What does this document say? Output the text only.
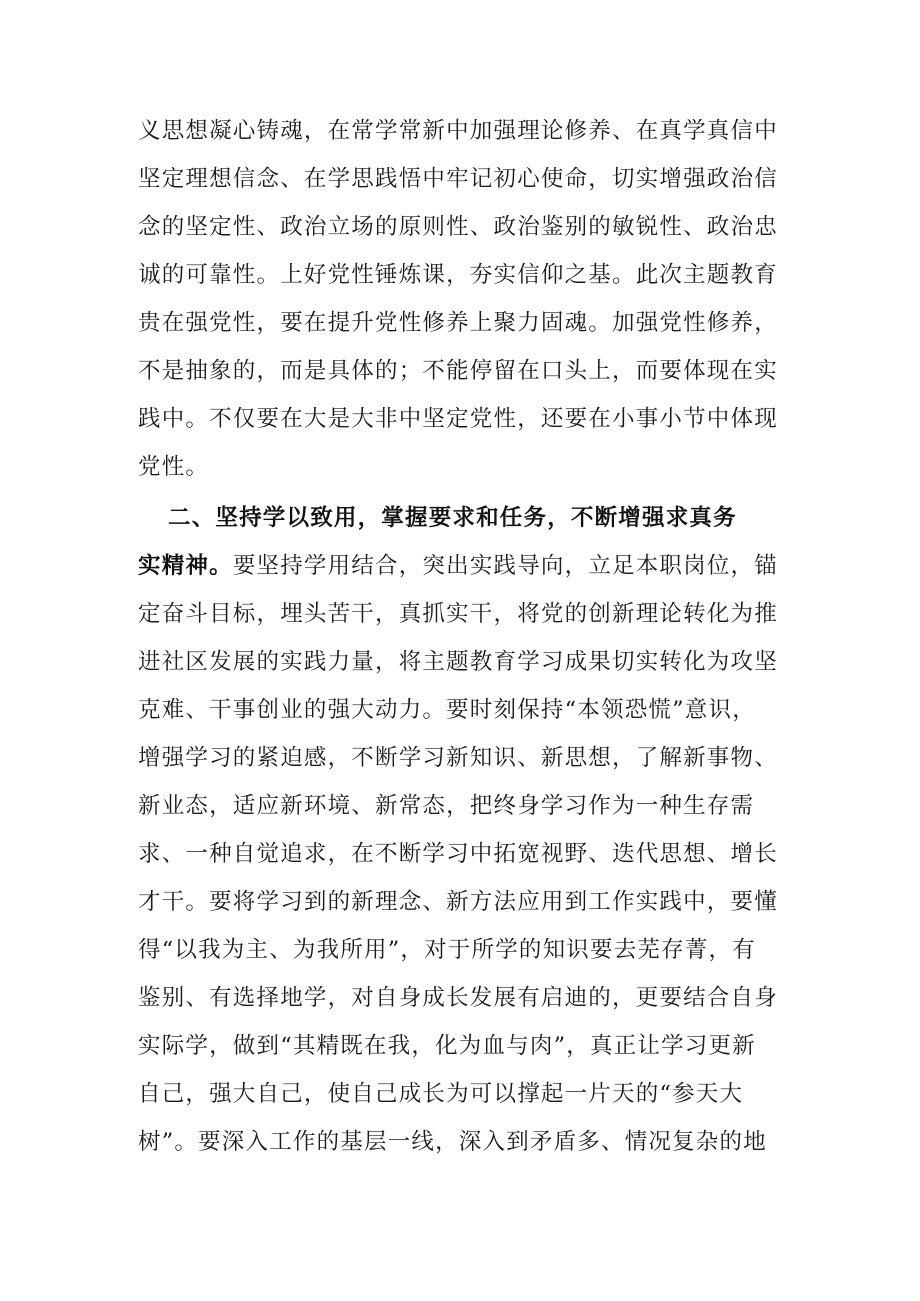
义思想凝心铸魂，在常学常新中加强理论修养、在真学真信中
坚定理想信念、在学思践悟中牢记初心使命，切实增强政治信
念的坚定性、政治立场的原则性、政治鉴别的敏锐性、政治忠
诚的可靠性。上好党性锤炼课，夯实信仰之基。此次主题教育
贵在强党性，要在提升党性修养上聚力固魂。加强党性修养，
不是抽象的，而是具体的；不能停留在口头上，而要体现在实
践中。不仅要在大是大非中坚定党性，还要在小事小节中体现
党性。
二、坚持学以致用，掌握要求和任务，不断增强求真务
实精神。要坚持学用结合，突出实践导向，立足本职岗位，锚
定奋斗目标，埋头苦干，真抓实干，将党的创新理论转化为推
进社区发展的实践力量，将主题教育学习成果切实转化为攻坚
克难、干事创业的强大动力。要时刻保持“本领恐慌”意识，
增强学习的紧迫感，不断学习新知识、新思想，了解新事物、
新业态，适应新环境、新常态，把终身学习作为一种生存需
求、一种自觉追求，在不断学习中拓宽视野、迭代思想、增长
才干。要将学习到的新理念、新方法应用到工作实践中，要懂
得“以我为主、为我所用”，对于所学的知识要去芜存菁，有
鉴别、有选择地学，对自身成长发展有启迪的，更要结合自身
实际学，做到“其精既在我，化为血与肉”，真正让学习更新
自己，强大自己，使自己成长为可以撑起一片天的“参天大
树”。要深入工作的基层一线，深入到矛盾多、情况复杂的地
